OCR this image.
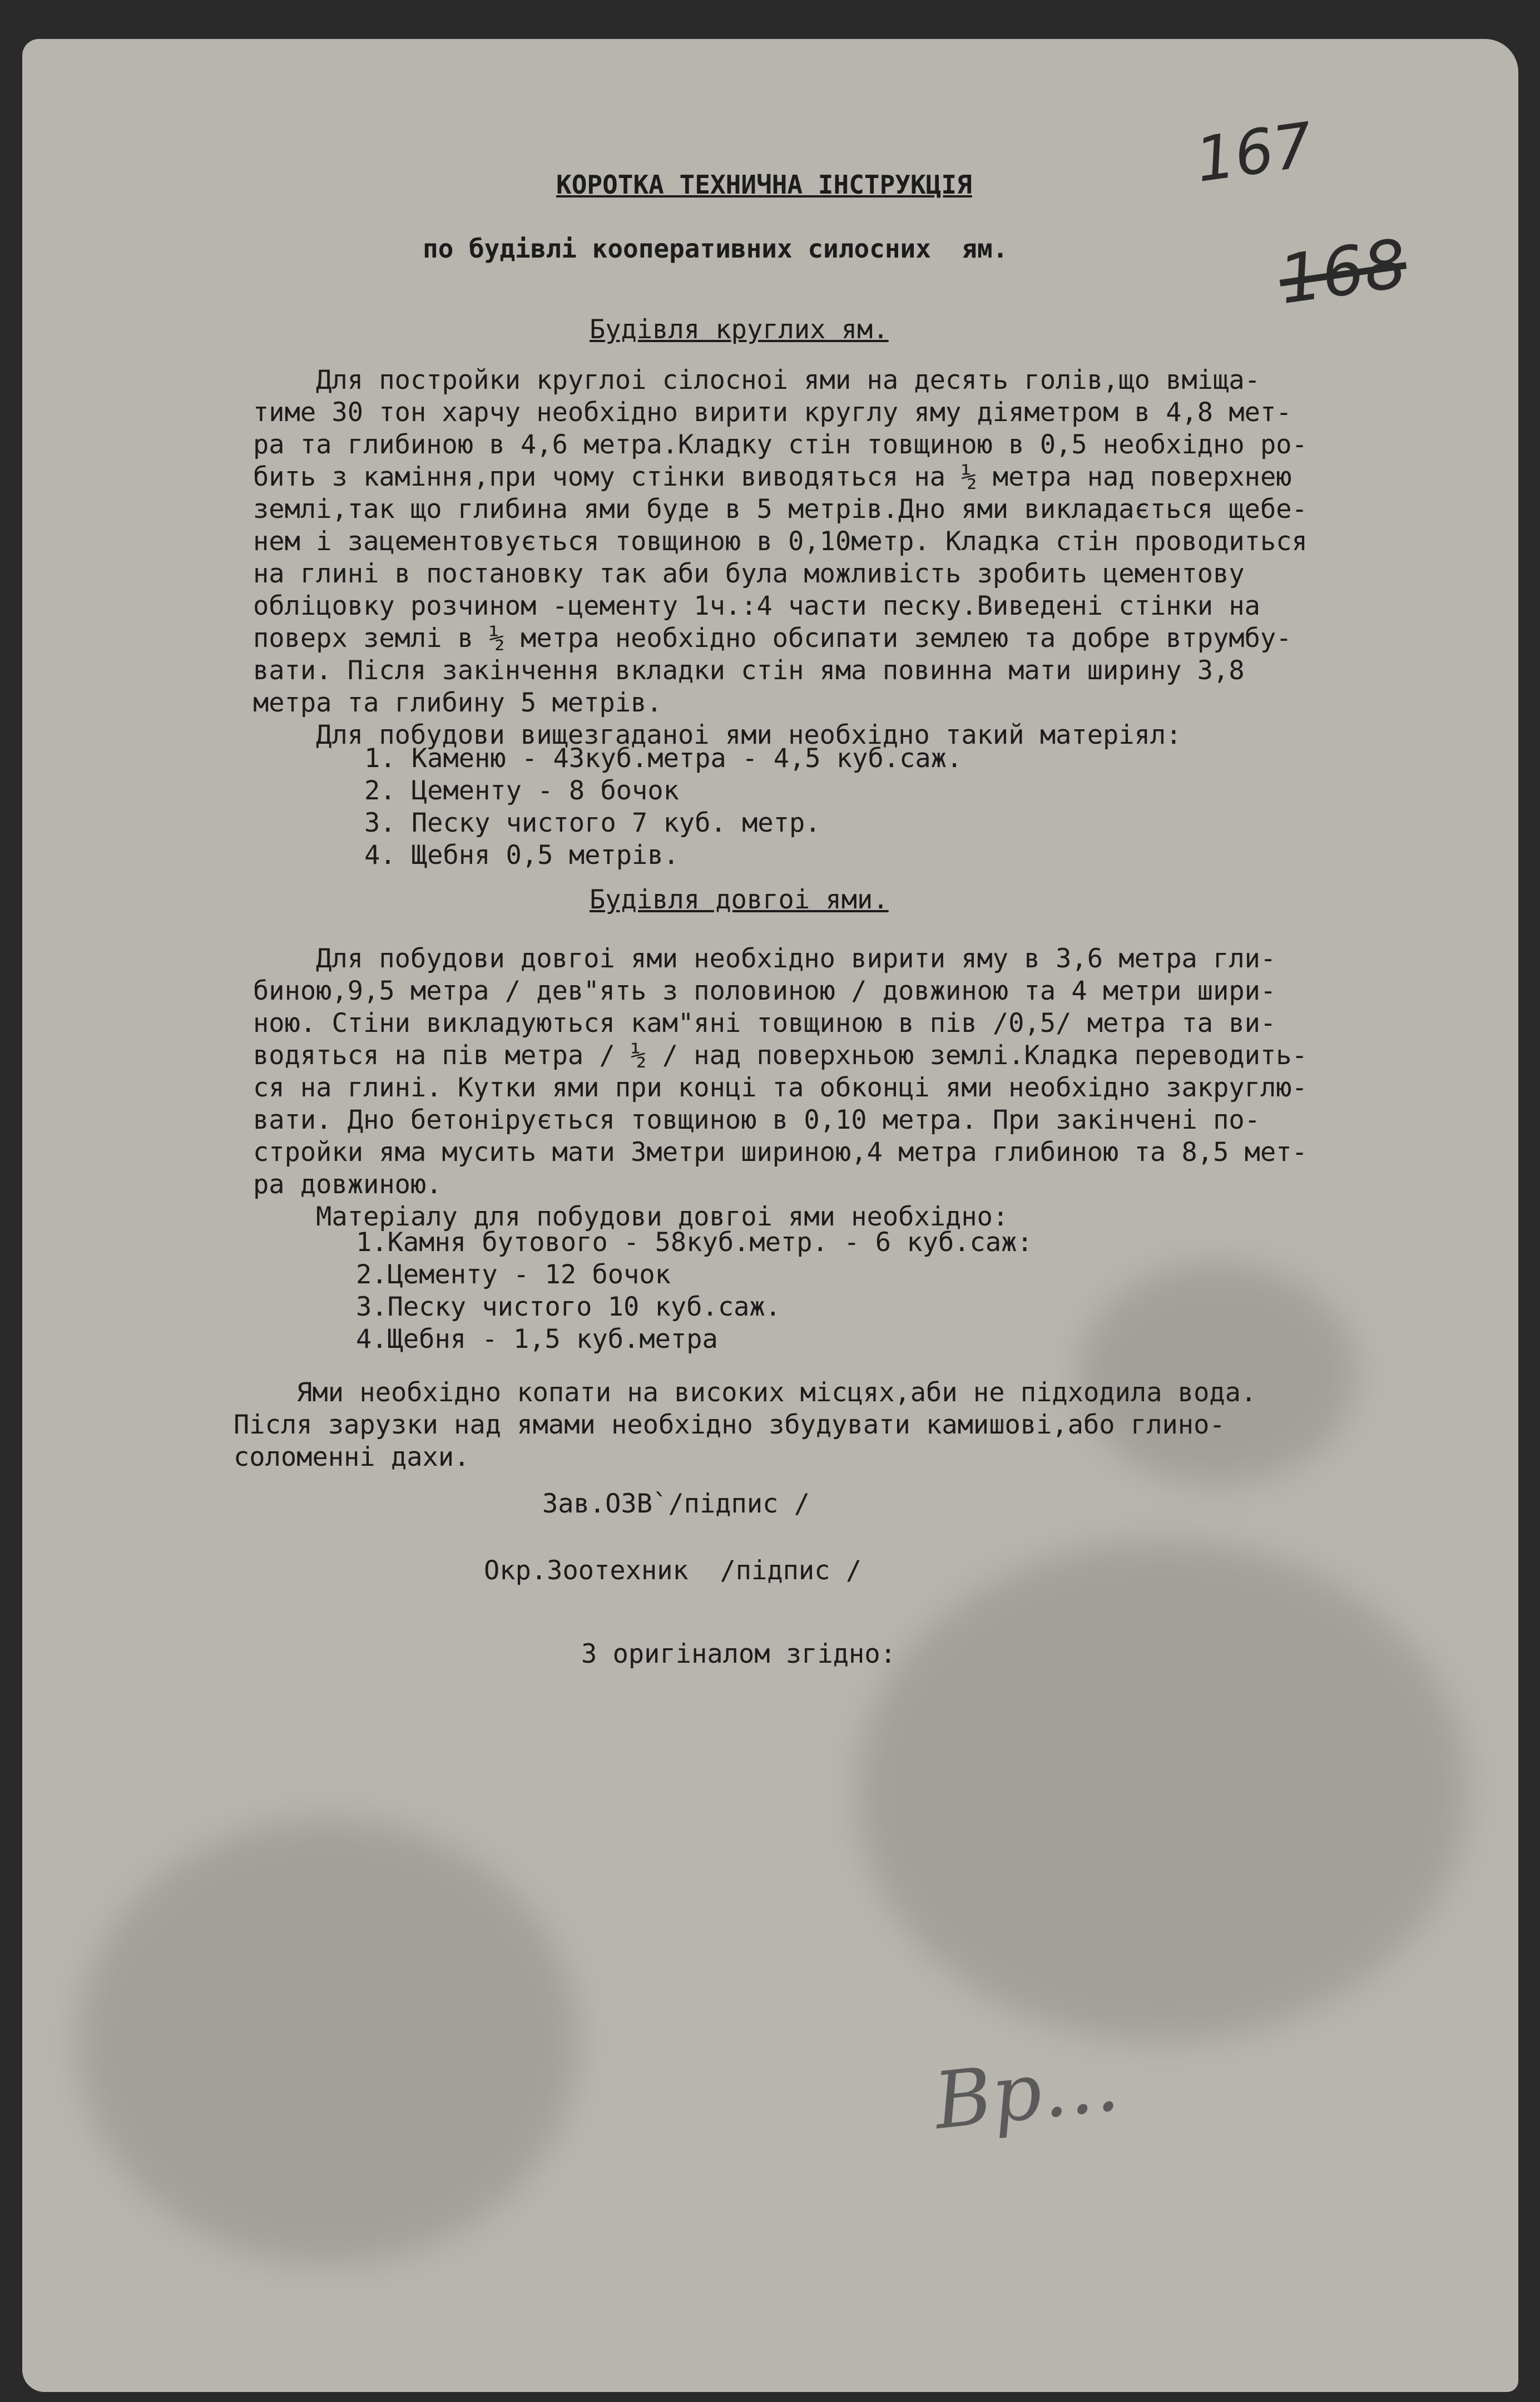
167
168
КОРОТКА ТЕХНИЧНА ІНСТРУКЦІЯ
по будівлі кооперативних силосних  ям.
Будівля круглих ям.
Для постройки круглоі сілосноі ями на десять голів,що вміща-
тиме 30 тон харчу необхідно вирити круглу яму діяметром в 4,8 мет-
ра та глибиною в 4,6 метра.Кладку стін товщиною в 0,5 необхідно ро-
бить з каміння,при чому стінки виводяться на ½ метра над поверхнею
землі,так що глибина ями буде в 5 метрів.Дно ями викладається щебе-
нем і зацементовується товщиною в 0,10метр. Кладка стін проводиться
на глині в постановку так аби була можливість зробить цементову
облiцовку розчином -цементу 1ч.:4 части песку.Виведені стінки на
поверх землі в ½ метра необхідно обсипати землею та добре втрумбу-
вати. Після закінчення вкладки стін яма повинна мати ширину 3,8
метра та глибину 5 метрів.
Для побудови вищезгаданоі ями необхідно такий матеріял:
1. Каменю - 43куб.метра - 4,5 куб.саж.
2. Цементу - 8 бочок
3. Песку чистого 7 куб. метр.
4. Щебня 0,5 метрів.
Будівля довгоі ями.
Для побудови довгоі ями необхідно вирити яму в 3,6 метра гли-
биною,9,5 метра / дев"ять з половиною / довжиною та 4 метри шири-
ною. Стіни викладуються кам"яні товщиною в пів /0,5/ метра та ви-
водяться на пів метра / ½ / над поверхньою землі.Кладка переводить-
ся на глині. Кутки ями при конці та обконці ями необхідно закруглю-
вати. Дно бетонірується товщиною в 0,10 метра. При закінчені по-
стройки яма мусить мати 3метри шириною,4 метра глибиною та 8,5 мет-
ра довжиною.
Матеріалу для побудови довгоі ями необхідно:
1.Камня бутового - 58куб.метр. - 6 куб.саж:
2.Цементу - 12 бочок
3.Песку чистого 10 куб.саж.
4.Щебня - 1,5 куб.метра
Ями необхідно копати на високих місцях,аби не підходила вода.
Після зарузки над ямами необхідно збудувати камишові,або глино-
соломенні дахи.
Зав.ОЗВ`/підпис /
Окр.Зоотехник  /підпис /
З оригіналом згідно:
Вр…
